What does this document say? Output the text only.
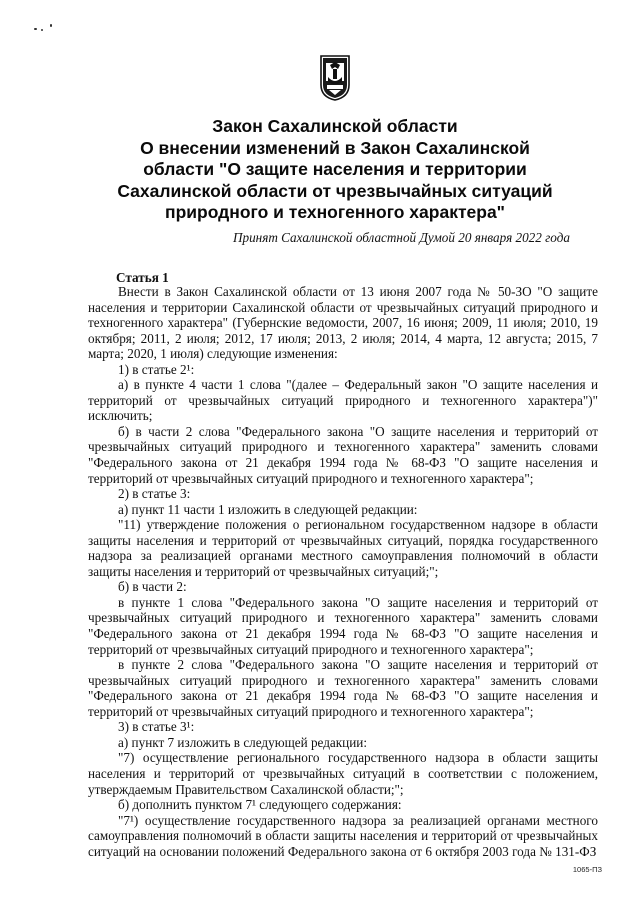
Закон Сахалинской области
О внесении изменений в Закон Сахалинской
области "О защите населения и территории
Сахалинской области от чрезвычайных ситуаций
природного и техногенного характера"
Принят Сахалинской областной Думой 20 января 2022 года
Статья 1

Внести в Закон Сахалинской области от 13 июня 2007 года № 50-ЗО "О защите населения и территории Сахалинской области от чрезвычайных ситуаций природного и техногенного характера" (Губернские ведомости, 2007, 16 июня; 2009, 11 июля; 2010, 19 октября; 2011, 2 июля; 2012, 17 июля; 2013, 2 июля; 2014, 4 марта, 12 августа; 2015, 7 марта; 2020, 1 июля) следующие изменения:

1) в статье 2¹:

а) в пункте 4 части 1 слова "(далее – Федеральный закон "О защите населения и территорий от чрезвычайных ситуаций природного и техногенного характера")" исключить;

б) в части 2 слова "Федерального закона "О защите населения и территорий от чрезвычайных ситуаций природного и техногенного характера" заменить словами "Федерального закона от 21 декабря 1994 года № 68-ФЗ "О защите населения и территорий от чрезвычайных ситуаций природного и техногенного характера";

2) в статье 3:

а) пункт 11 части 1 изложить в следующей редакции:

"11) утверждение положения о региональном государственном надзоре в области защиты населения и территорий от чрезвычайных ситуаций, порядка государственного надзора за реализацией органами местного самоуправления полномочий в области защиты населения и территорий от чрезвычайных ситуаций;";

б) в части 2:

в пункте 1 слова "Федерального закона "О защите населения и территорий от чрезвычайных ситуаций природного и техногенного характера" заменить словами "Федерального закона от 21 декабря 1994 года № 68-ФЗ "О защите населения и территорий от чрезвычайных ситуаций природного и техногенного характера";

в пункте 2 слова "Федерального закона "О защите населения и территорий от чрезвычайных ситуаций природного и техногенного характера" заменить словами "Федерального закона от 21 декабря 1994 года № 68-ФЗ "О защите населения и территорий от чрезвычайных ситуаций природного и техногенного характера";

3) в статье 3¹:

а) пункт 7 изложить в следующей редакции:

"7) осуществление регионального государственного надзора в области защиты населения и территорий от чрезвычайных ситуаций в соответствии с положением, утверждаемым Правительством Сахалинской области;";

б) дополнить пунктом 7¹ следующего содержания:

"7¹) осуществление государственного надзора за реализацией органами местного самоуправления полномочий в области защиты населения и территорий от чрезвычайных ситуаций на основании положений Федерального закона от 6 октября 2003 года № 131-ФЗ

1065-ПЗ
